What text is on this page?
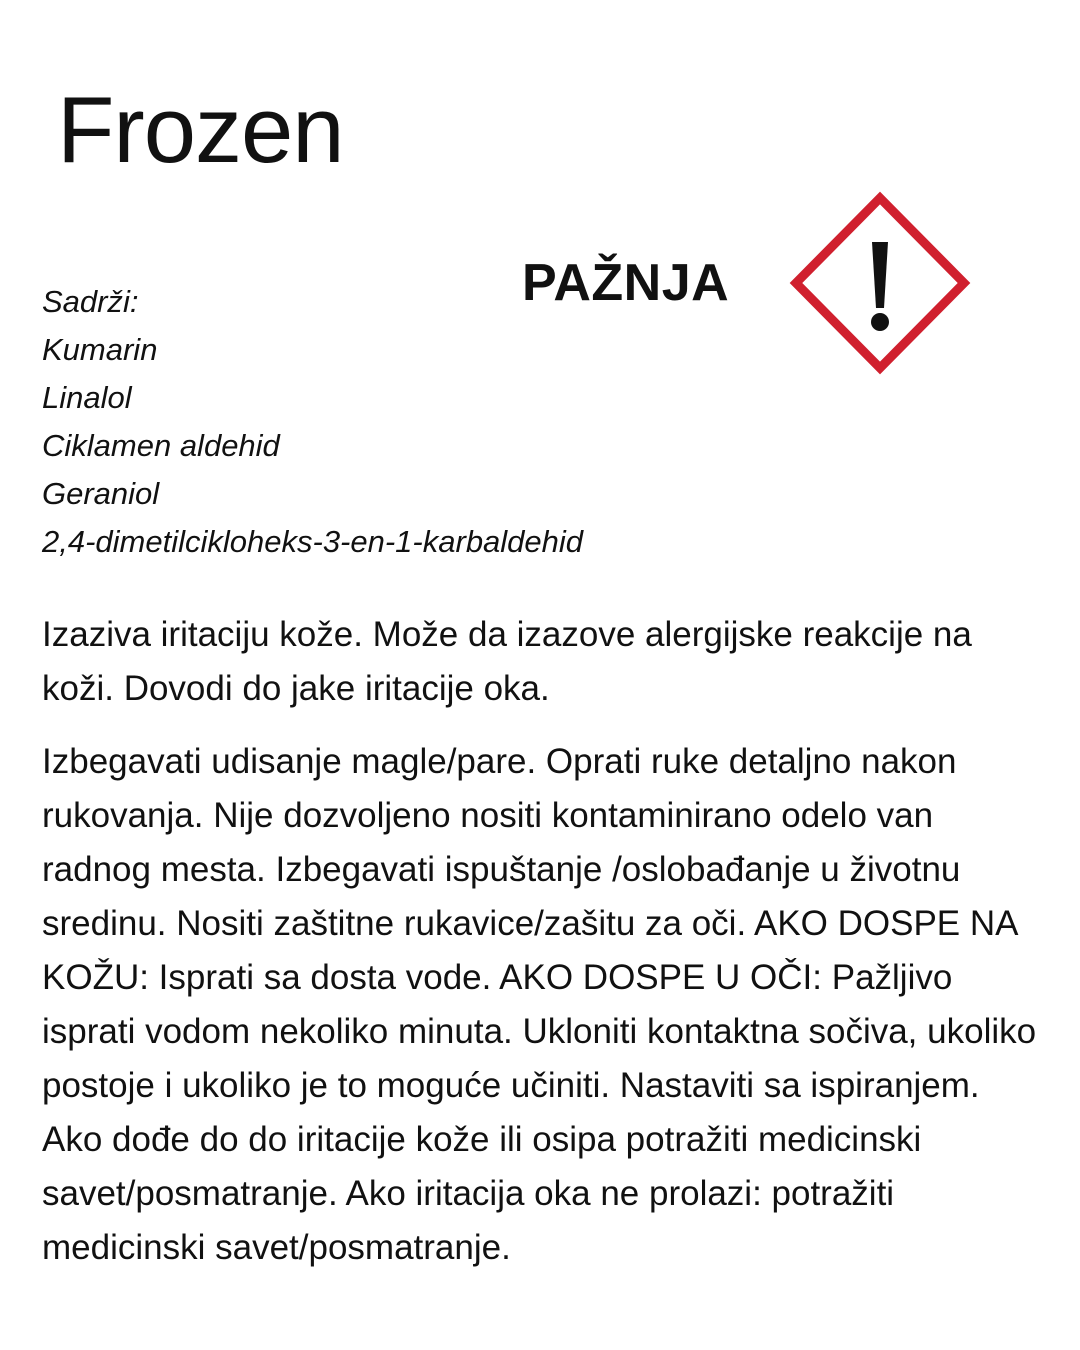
Frozen
PAŽNJA
Sadrži:
Kumarin
Linalol
Ciklamen aldehid
Geraniol
2,4-dimetilcikloheks-3-en-1-karbaldehid

Izaziva iritaciju kože. Može da izazove alergijske reakcije na koži. Dovodi do jake iritacije oka.

Izbegavati udisanje magle/pare. Oprati ruke detaljno nakon rukovanja. Nije dozvoljeno nositi kontaminirano odelo van radnog mesta. Izbegavati ispuštanje /oslobađanje u životnu sredinu. Nositi zaštitne rukavice/zašitu za oči. AKO DOSPE NA KOŽU: Isprati sa dosta vode. AKO DOSPE U OČI: Pažljivo isprati vodom nekoliko minuta. Ukloniti kontaktna sočiva, ukoliko postoje i ukoliko je to moguće učiniti. Nastaviti sa ispiranjem. Ako dođe do do iritacije kože ili osipa potražiti medicinski savet/posmatranje. Ako iritacija oka ne prolazi: potražiti medicinski savet/posmatranje.
